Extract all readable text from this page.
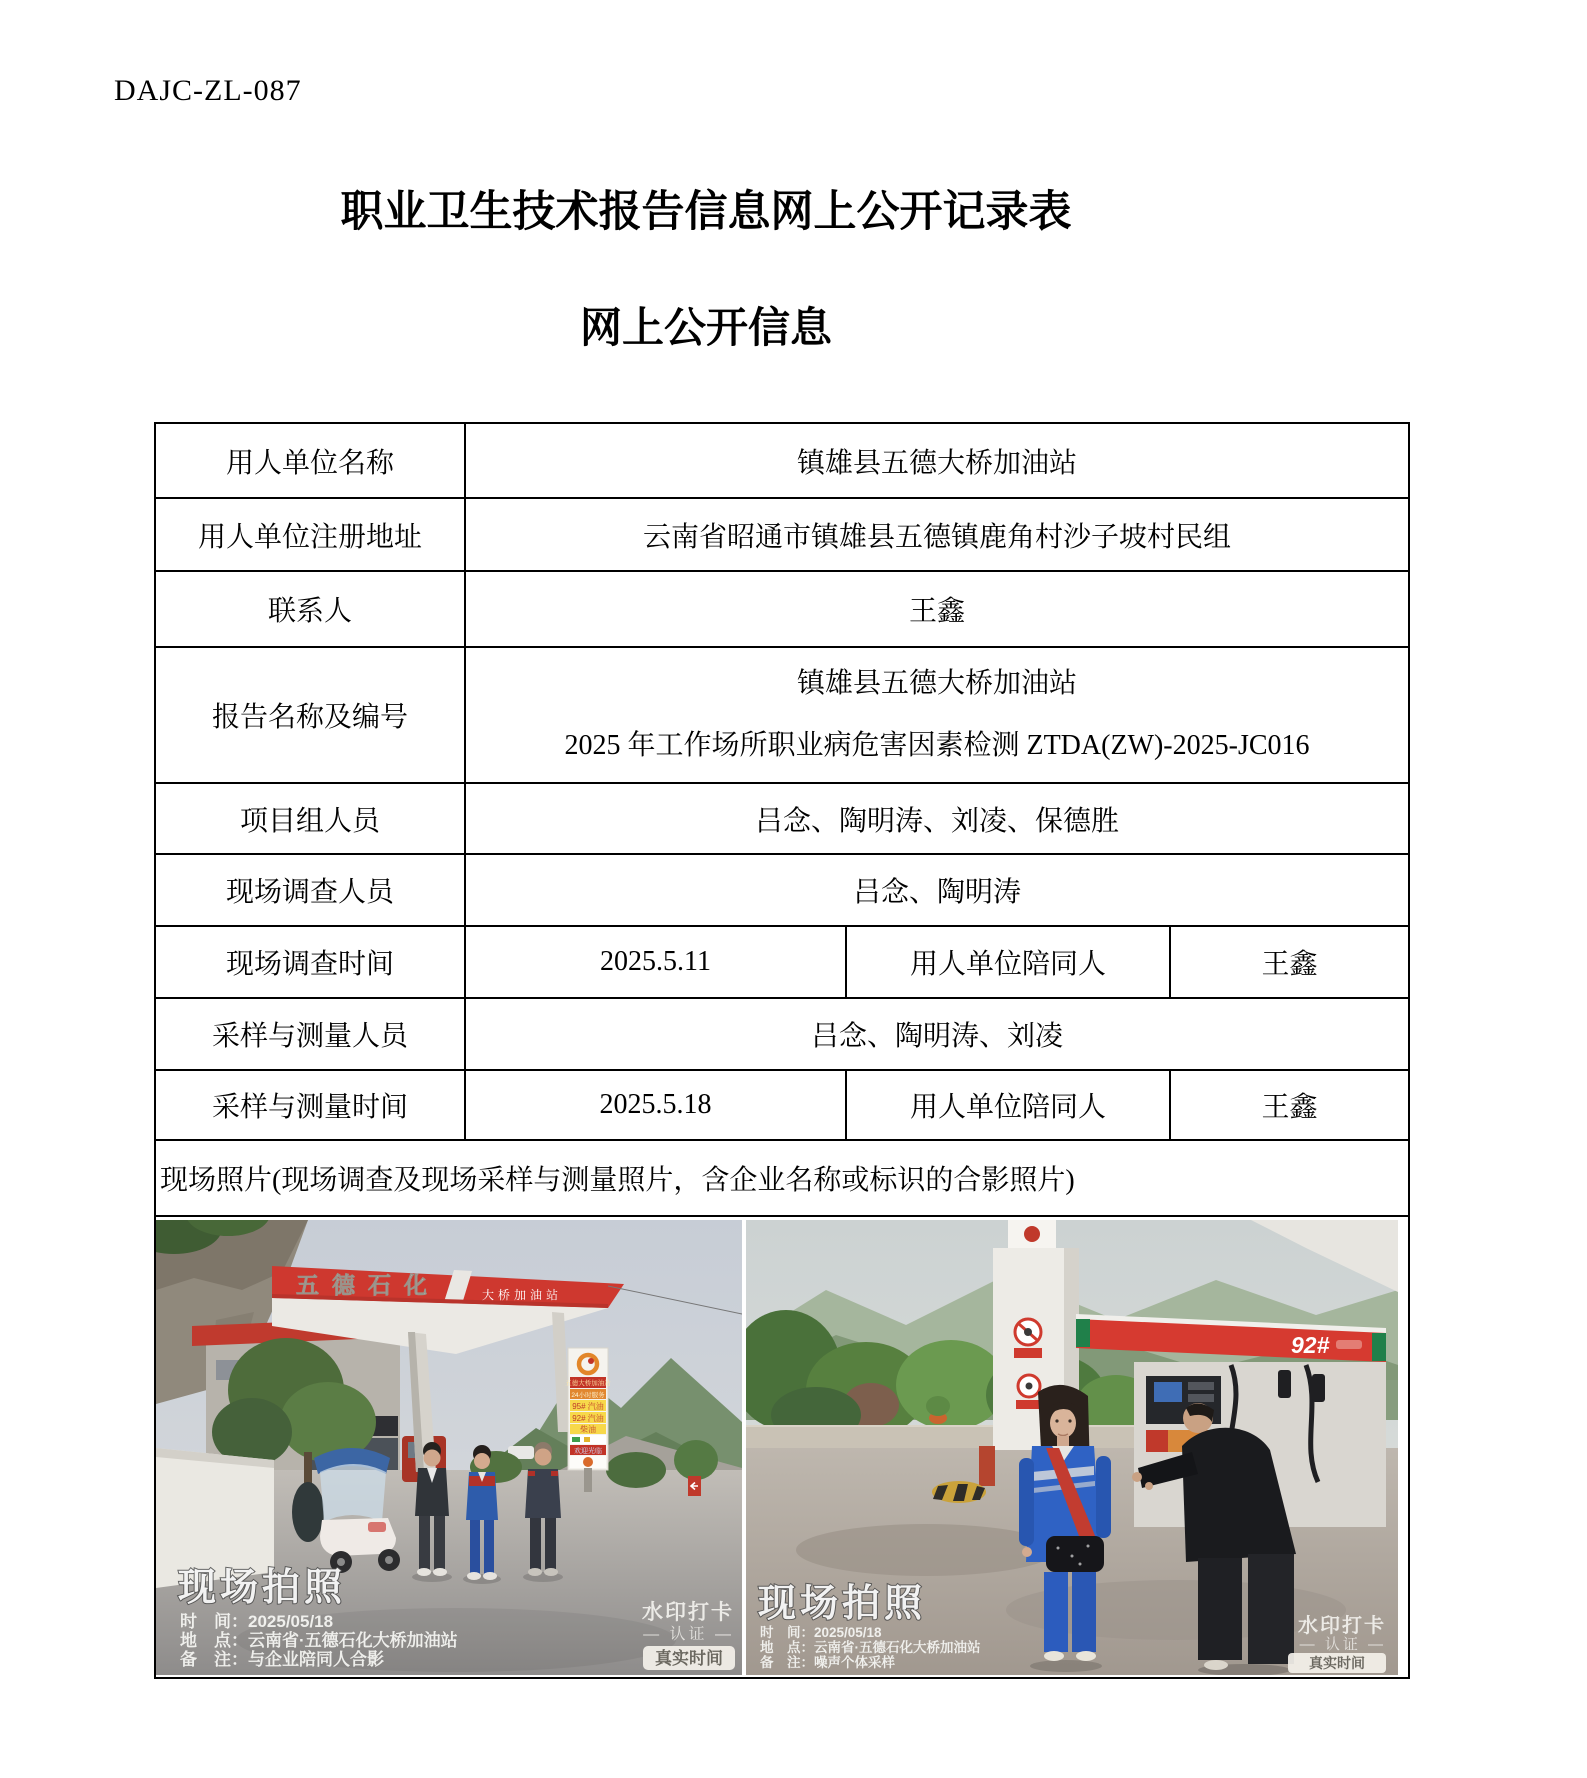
DAJC-ZL-087
职业卫生技术报告信息网上公开记录表
网上公开信息
用人单位名称	镇雄县五德大桥加油站		
用人单位注册地址	云南省昭通市镇雄县五德镇鹿角村沙子坡村民组		
联系人	王鑫		
报告名称及编号	镇雄县五德大桥加油站
2025 年工作场所职业病危害因素检测 ZTDA(ZW)-2025-JC016		

项目组人员	吕念、陶明涛、刘凌、保德胜		
现场调查人员	吕念、陶明涛		
现场调查时间	2025.5.11	用人单位陪同人	王鑫
采样与测量人员	吕念、陶明涛、刘凌		
采样与测量时间	2025.5.18	用人单位陪同人	王鑫
现场照片(现场调查及现场采样与测量照片，含企业名称或标识的合影照片)			

五德石化	大桥加油站
五德大桥加油站
24小时服务
95# 汽油
92# 汽油
柴油
欢迎光临
现场拍照
时　间：2025/05/18
地　点：云南省·五德石化大桥加油站
备　注：与企业陪同人合影
水印打卡
— 认证 —
真实时间
92#
现场拍照
时　间：2025/05/18
地　点：云南省·五德石化大桥加油站
备　注：噪声个体采样
水印打卡
— 认证 —
真实时间
